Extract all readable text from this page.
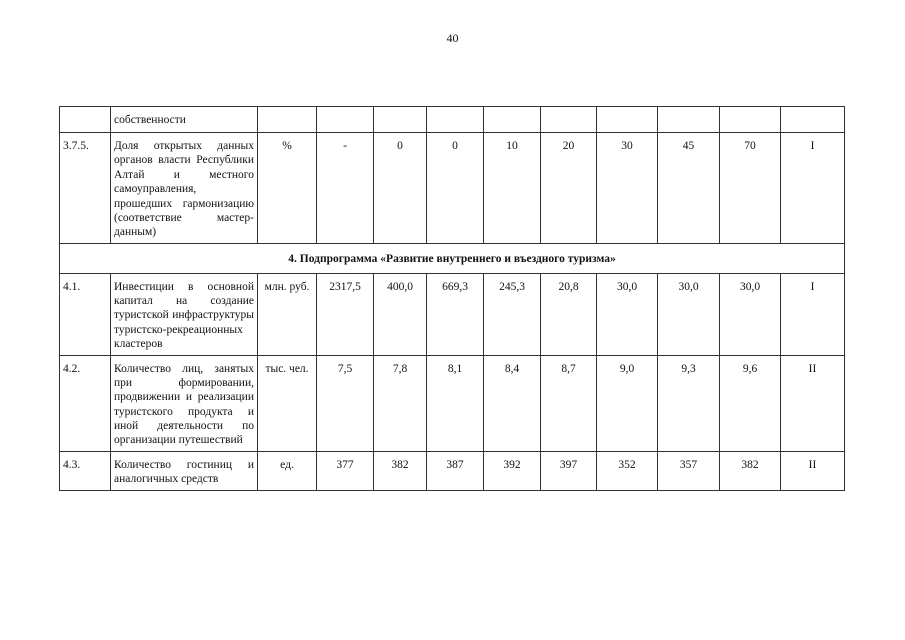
40
	собственности										
3.7.5.	Доля открытых данных органов власти Республики Алтай и местного самоуправления, прошедших гармонизацию (соответствие мастер-данным)	%	-	0	0	10	20	30	45	70	I
4. Подпрограмма «Развитие внутреннего и въездного туризма»											
4.1.	Инвестиции в основной капитал на создание туристской инфраструктуры туристско-рекреационных кластеров	млн. руб.	2317,5	400,0	669,3	245,3	20,8	30,0	30,0	30,0	I
4.2.	Количество лиц, занятых при формировании, продвижении и реализации туристского продукта и иной деятельности по организации путешествий	тыс. чел.	7,5	7,8	8,1	8,4	8,7	9,0	9,3	9,6	II
4.3.	Количество гостиниц и аналогичных средств	ед.	377	382	387	392	397	352	357	382	II
